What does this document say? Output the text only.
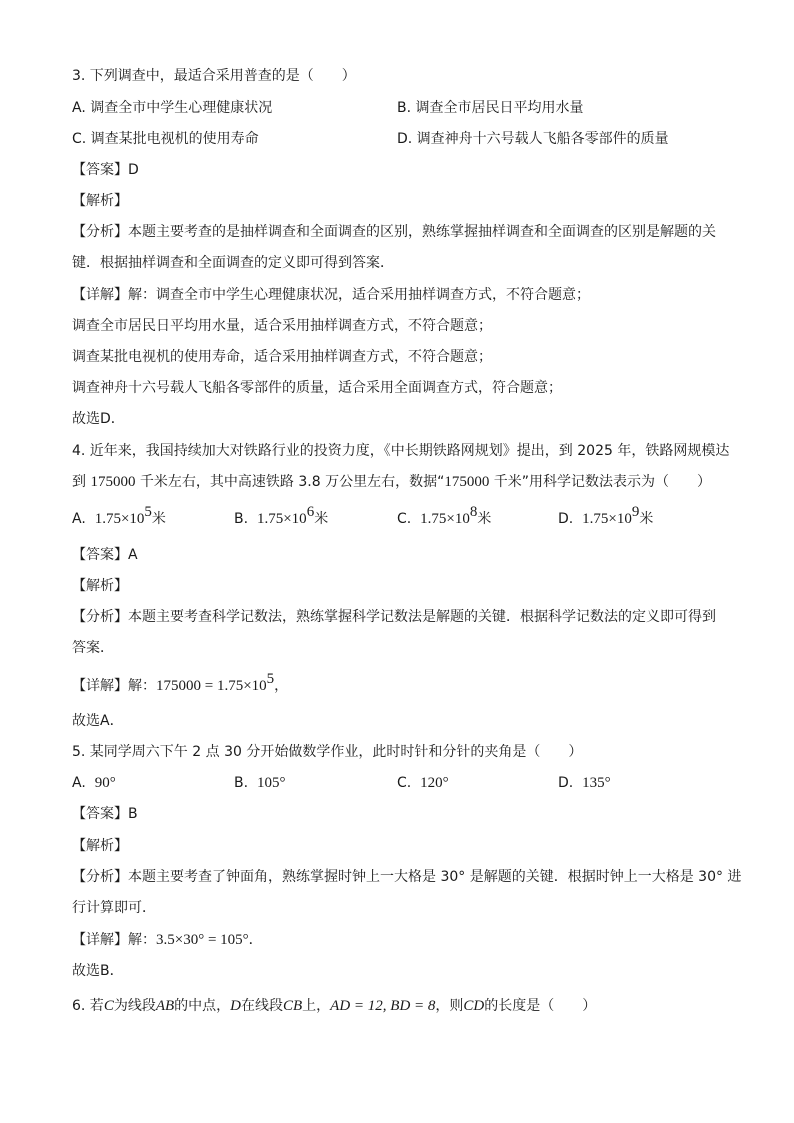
3. 下列调查中，最适合采用普查的是（　　）
A. 调查全市中学生心理健康状况	B. 调查全市居民日平均用水量
C. 调查某批电视机的使用寿命	D. 调查神舟十六号载人飞船各零部件的质量
【答案】D
【解析】
【分析】本题主要考查的是抽样调查和全面调查的区别，熟练掌握抽样调查和全面调查的区别是解题的关
键．根据抽样调查和全面调查的定义即可得到答案．
【详解】解：调查全市中学生心理健康状况，适合采用抽样调查方式，不符合题意；
调查全市居民日平均用水量，适合采用抽样调查方式，不符合题意；
调查某批电视机的使用寿命，适合采用抽样调查方式，不符合题意；
调查神舟十六号载人飞船各零部件的质量，适合采用全面调查方式，符合题意；
故选D．
4. 近年来，我国持续加大对铁路行业的投资力度，《中长期铁路网规划》提出，到 2025 年，铁路网规模达
到 175000 千米左右，其中高速铁路 3.8 万公里左右，数据“175000 千米”用科学记数法表示为（　　）
A. $1.75\times 10^5$米	B. $1.75\times 10^6$米	C. $1.75\times 10^8$米	D. $1.75\times 10^9$米
【答案】A
【解析】
【分析】本题主要考查科学记数法，熟练掌握科学记数法是解题的关键．根据科学记数法的定义即可得到
答案．
【详解】解：$175000 = 1.75\times 10^5$，
故选A．
5. 某同学周六下午 2 点 30 分开始做数学作业，此时时针和分针的夹角是（　　）
A. 90°	B. 105°	C. 120°	D. 135°
【答案】B
【解析】
【分析】本题主要考查了钟面角，熟练掌握时钟上一大格是 30° 是解题的关键．根据时钟上一大格是 30° 进
行计算即可．
【详解】解：3.5×30° = 105°．
故选B．
6. 若C为线段AB的中点，D在线段CB上，AD = 12, BD = 8，则CD的长度是（　　）
